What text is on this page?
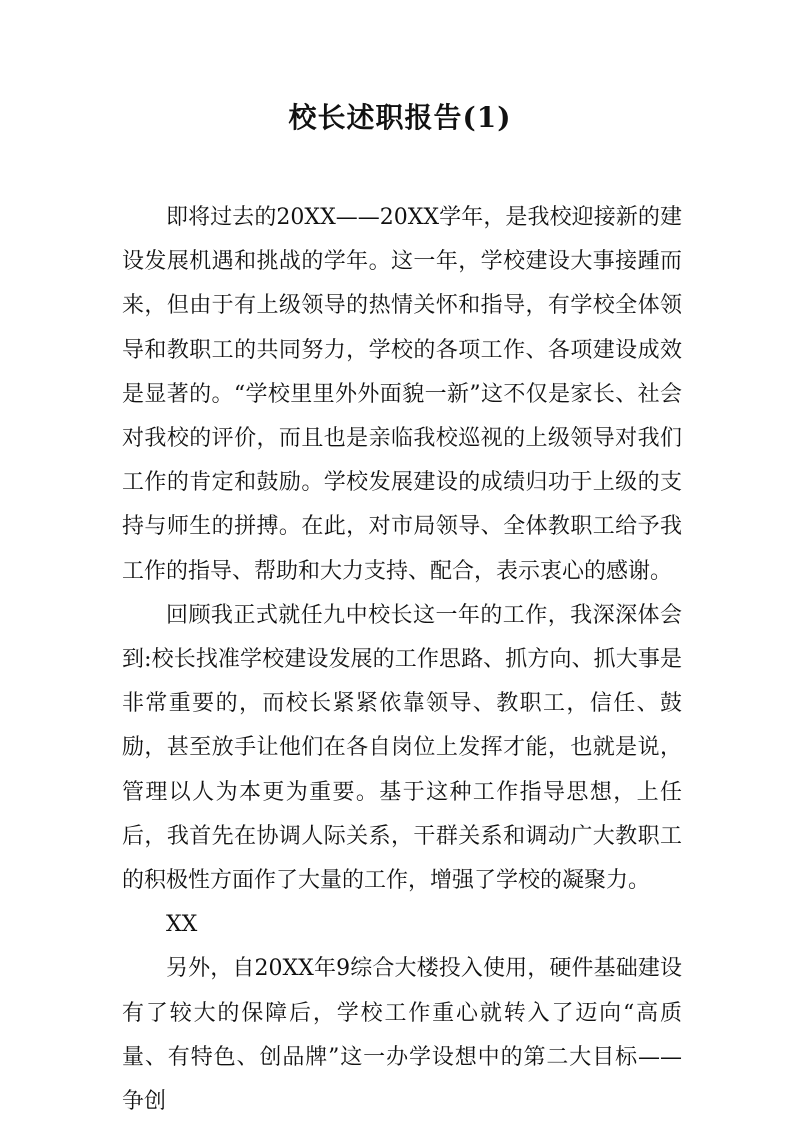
校长述职报告(1)

即将过去的20XX——20XX学年，是我校迎接新的建设发展机遇和挑战的学年。这一年，学校建设大事接踵而来，但由于有上级领导的热情关怀和指导，有学校全体领导和教职工的共同努力，学校的各项工作、各项建设成效是显著的。“学校里里外外面貌一新”这不仅是家长、社会对我校的评价，而且也是亲临我校巡视的上级领导对我们工作的肯定和鼓励。学校发展建设的成绩归功于上级的支持与师生的拼搏。在此，对市局领导、全体教职工给予我工作的指导、帮助和大力支持、配合，表示衷心的感谢。

回顾我正式就任九中校长这一年的工作，我深深体会到:校长找准学校建设发展的工作思路、抓方向、抓大事是非常重要的，而校长紧紧依靠领导、教职工，信任、鼓励，甚至放手让他们在各自岗位上发挥才能，也就是说，管理以人为本更为重要。基于这种工作指导思想，上任后，我首先在协调人际关系，干群关系和调动广大教职工的积极性方面作了大量的工作，增强了学校的凝聚力。

XX

另外，自20XX年9综合大楼投入使用，硬件基础建设有了较大的保障后，学校工作重心就转入了迈向“高质量、有特色、创品牌”这一办学设想中的第二大目标——争创
